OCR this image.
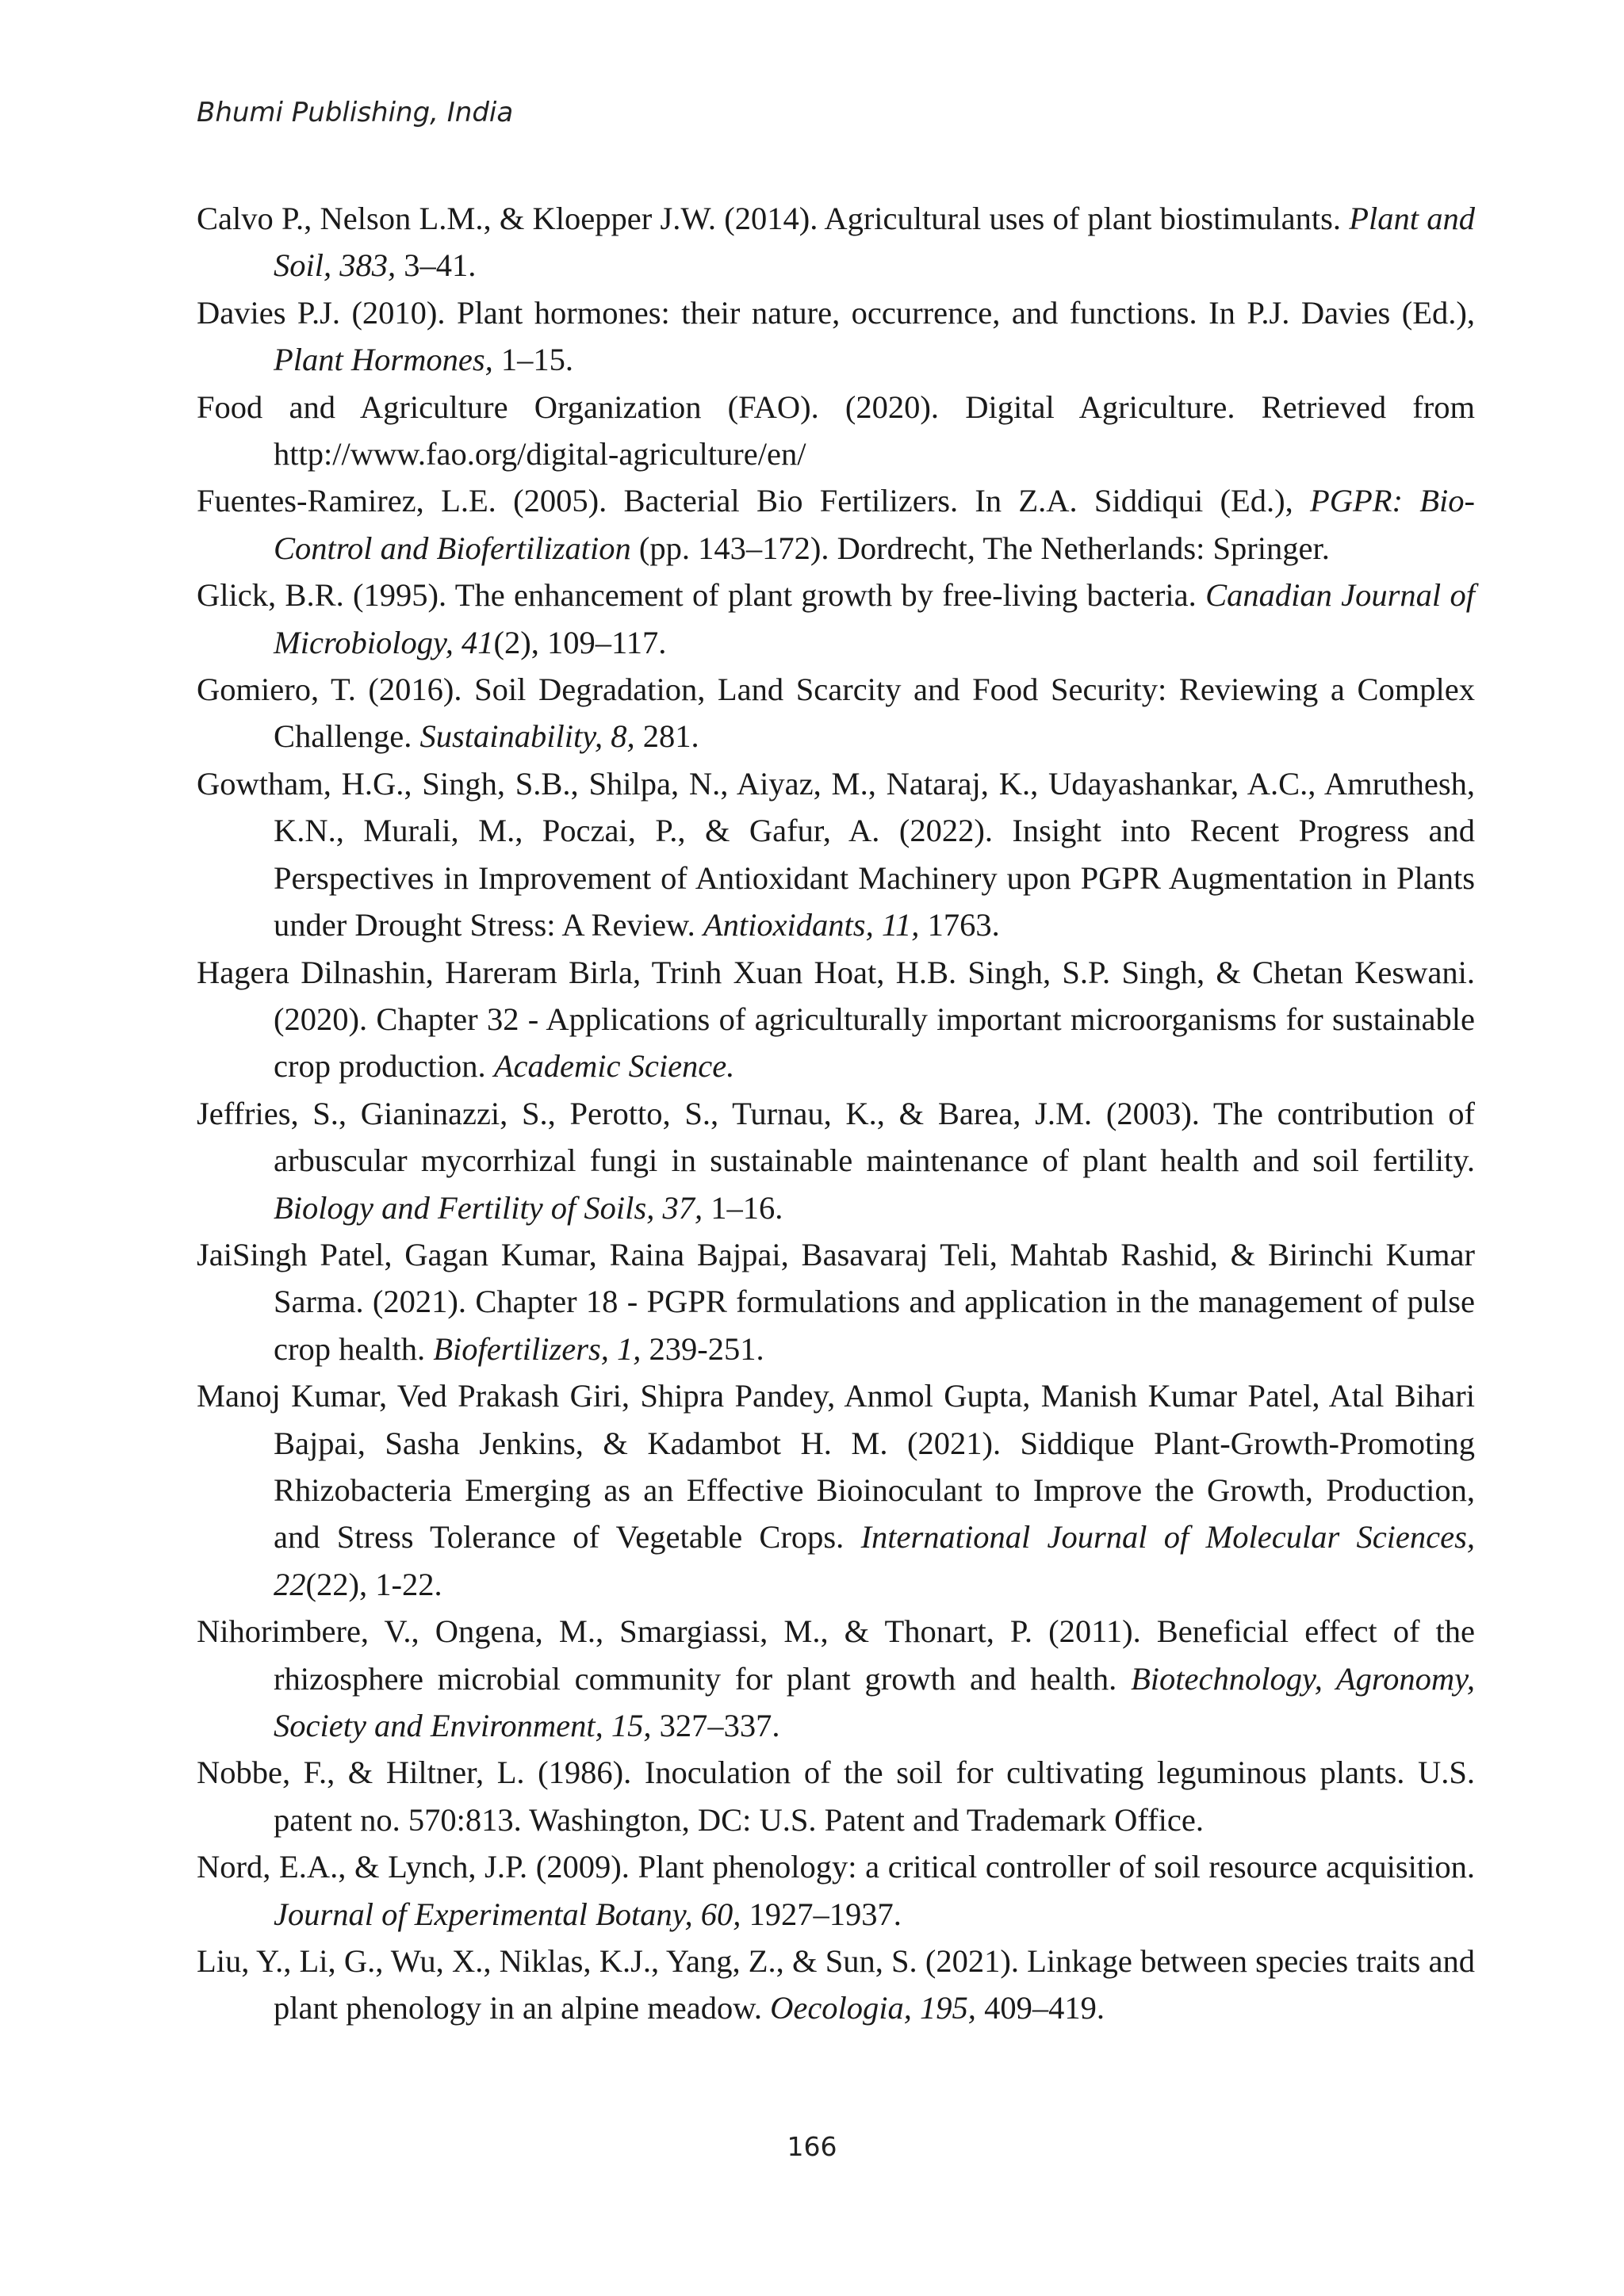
Bhumi Publishing, India

Calvo P., Nelson L.M., & Kloepper J.W. (2014). Agricultural uses of plant biostimulants. Plant and Soil, 383, 3–41.

Davies P.J. (2010). Plant hormones: their nature, occurrence, and functions. In P.J. Davies (Ed.), Plant Hormones, 1–15.

Food and Agriculture Organization (FAO). (2020). Digital Agriculture. Retrieved from http://www.fao.org/digital-agriculture/en/

Fuentes-Ramirez, L.E. (2005). Bacterial Bio Fertilizers. In Z.A. Siddiqui (Ed.), PGPR: Bio-Control and Biofertilization (pp. 143–172). Dordrecht, The Netherlands: Springer.

Glick, B.R. (1995). The enhancement of plant growth by free-living bacteria. Canadian Journal of Microbiology, 41(2), 109–117.

Gomiero, T. (2016). Soil Degradation, Land Scarcity and Food Security: Reviewing a Complex Challenge. Sustainability, 8, 281.

Gowtham, H.G., Singh, S.B., Shilpa, N., Aiyaz, M., Nataraj, K., Udayashankar, A.C., Amruthesh, K.N., Murali, M., Poczai, P., & Gafur, A. (2022). Insight into Recent Progress and Perspectives in Improvement of Antioxidant Machinery upon PGPR Augmentation in Plants under Drought Stress: A Review. Antioxidants, 11, 1763.

Hagera Dilnashin, Hareram Birla, Trinh Xuan Hoat, H.B. Singh, S.P. Singh, & Chetan Keswani. (2020). Chapter 32 - Applications of agriculturally important microorganisms for sustainable crop production. Academic Science.

Jeffries, S., Gianinazzi, S., Perotto, S., Turnau, K., & Barea, J.M. (2003). The contribution of arbuscular mycorrhizal fungi in sustainable maintenance of plant health and soil fertility. Biology and Fertility of Soils, 37, 1–16.

JaiSingh Patel, Gagan Kumar, Raina Bajpai, Basavaraj Teli, Mahtab Rashid, & Birinchi Kumar Sarma. (2021). Chapter 18 - PGPR formulations and application in the management of pulse crop health. Biofertilizers, 1, 239-251.

Manoj Kumar, Ved Prakash Giri, Shipra Pandey, Anmol Gupta, Manish Kumar Patel, Atal Bihari Bajpai, Sasha Jenkins, & Kadambot H. M. (2021). Siddique Plant-Growth-Promoting Rhizobacteria Emerging as an Effective Bioinoculant to Improve the Growth, Production, and Stress Tolerance of Vegetable Crops. International Journal of Molecular Sciences, 22(22), 1-22.

Nihorimbere, V., Ongena, M., Smargiassi, M., & Thonart, P. (2011). Beneficial effect of the rhizosphere microbial community for plant growth and health. Biotechnology, Agronomy, Society and Environment, 15, 327–337.

Nobbe, F., & Hiltner, L. (1986). Inoculation of the soil for cultivating leguminous plants. U.S. patent no. 570:813. Washington, DC: U.S. Patent and Trademark Office.

Nord, E.A., & Lynch, J.P. (2009). Plant phenology: a critical controller of soil resource acquisition. Journal of Experimental Botany, 60, 1927–1937.

Liu, Y., Li, G., Wu, X., Niklas, K.J., Yang, Z., & Sun, S. (2021). Linkage between species traits and plant phenology in an alpine meadow. Oecologia, 195, 409–419.

166
